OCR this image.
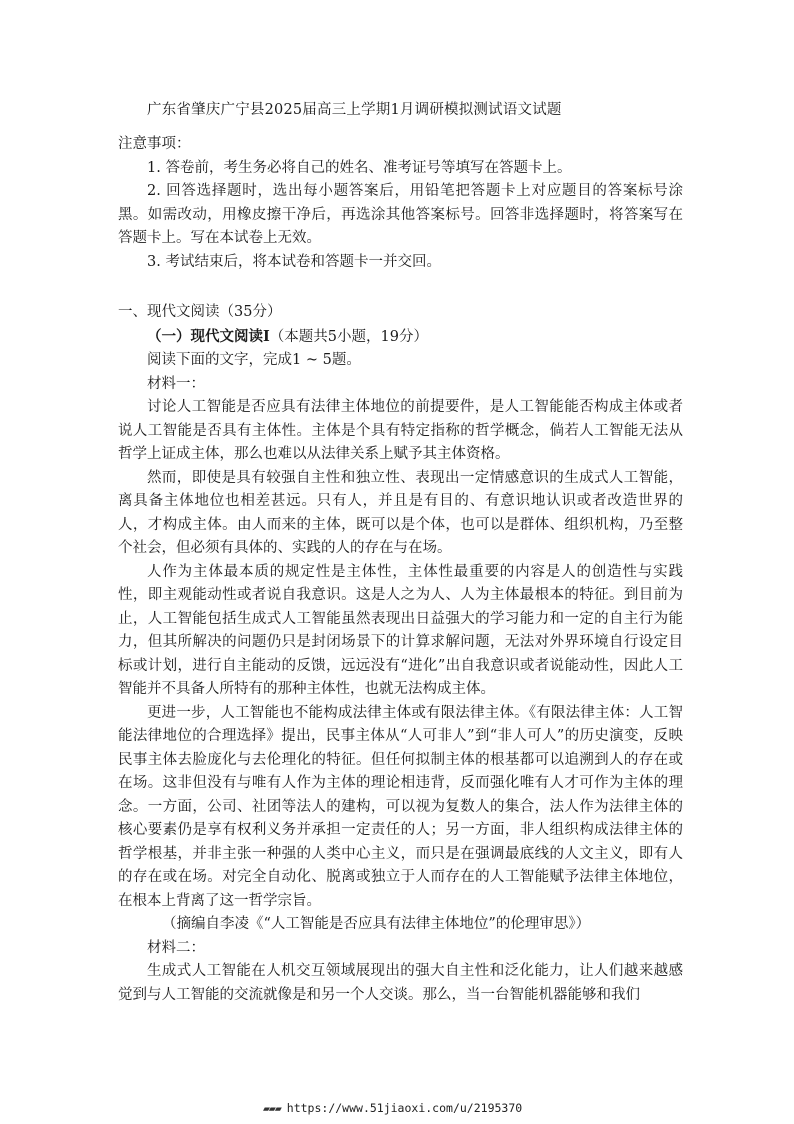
广东省肇庆广宁县2025届高三上学期1月调研模拟测试语文试题

注意事项：

1. 答卷前，考生务必将自己的姓名、准考证号等填写在答题卡上。

2. 回答选择题时，选出每小题答案后，用铅笔把答题卡上对应题目的答案标号涂黑。如需改动，用橡皮擦干净后，再选涂其他答案标号。回答非选择题时，将答案写在答题卡上。写在本试卷上无效。

3. 考试结束后，将本试卷和答题卡一并交回。

一、现代文阅读（35分）

（一）现代文阅读Ⅰ（本题共5小题，19分）

阅读下面的文字，完成1 ~ 5题。

材料一：

讨论人工智能是否应具有法律主体地位的前提要件，是人工智能能否构成主体或者说人工智能是否具有主体性。主体是个具有特定指称的哲学概念，倘若人工智能无法从哲学上证成主体，那么也难以从法律关系上赋予其主体资格。

然而，即使是具有较强自主性和独立性、表现出一定情感意识的生成式人工智能，离具备主体地位也相差甚远。只有人，并且是有目的、有意识地认识或者改造世界的人，才构成主体。由人而来的主体，既可以是个体，也可以是群体、组织机构，乃至整个社会，但必须有具体的、实践的人的存在与在场。

人作为主体最本质的规定性是主体性，主体性最重要的内容是人的创造性与实践性，即主观能动性或者说自我意识。这是人之为人、人为主体最根本的特征。到目前为止，人工智能包括生成式人工智能虽然表现出日益强大的学习能力和一定的自主行为能力，但其所解决的问题仍只是封闭场景下的计算求解问题，无法对外界环境自行设定目标或计划，进行自主能动的反馈，远远没有“进化”出自我意识或者说能动性，因此人工智能并不具备人所特有的那种主体性，也就无法构成主体。

更进一步，人工智能也不能构成法律主体或有限法律主体。《有限法律主体：人工智能法律地位的合理选择》提出，民事主体从“人可非人”到“非人可人”的历史演变，反映民事主体去脸庞化与去伦理化的特征。但任何拟制主体的根基都可以追溯到人的存在或在场。这非但没有与唯有人作为主体的理论相违背，反而强化唯有人才可作为主体的理念。一方面，公司、社团等法人的建构，可以视为复数人的集合，法人作为法律主体的核心要素仍是享有权利义务并承担一定责任的人；另一方面，非人组织构成法律主体的哲学根基，并非主张一种强的人类中心主义，而只是在强调最底线的人文主义，即有人的存在或在场。对完全自动化、脱离或独立于人而存在的人工智能赋予法律主体地位，在根本上背离了这一哲学宗旨。

（摘编自李凌《“人工智能是否应具有法律主体地位”的伦理审思》）

材料二：

生成式人工智能在人机交互领域展现出的强大自主性和泛化能力，让人们越来越感觉到与人工智能的交流就像是和另一个人交谈。那么，当一台智能机器能够和我们

▰▰▰ https://www.51jiaoxi.com/u/2195370
